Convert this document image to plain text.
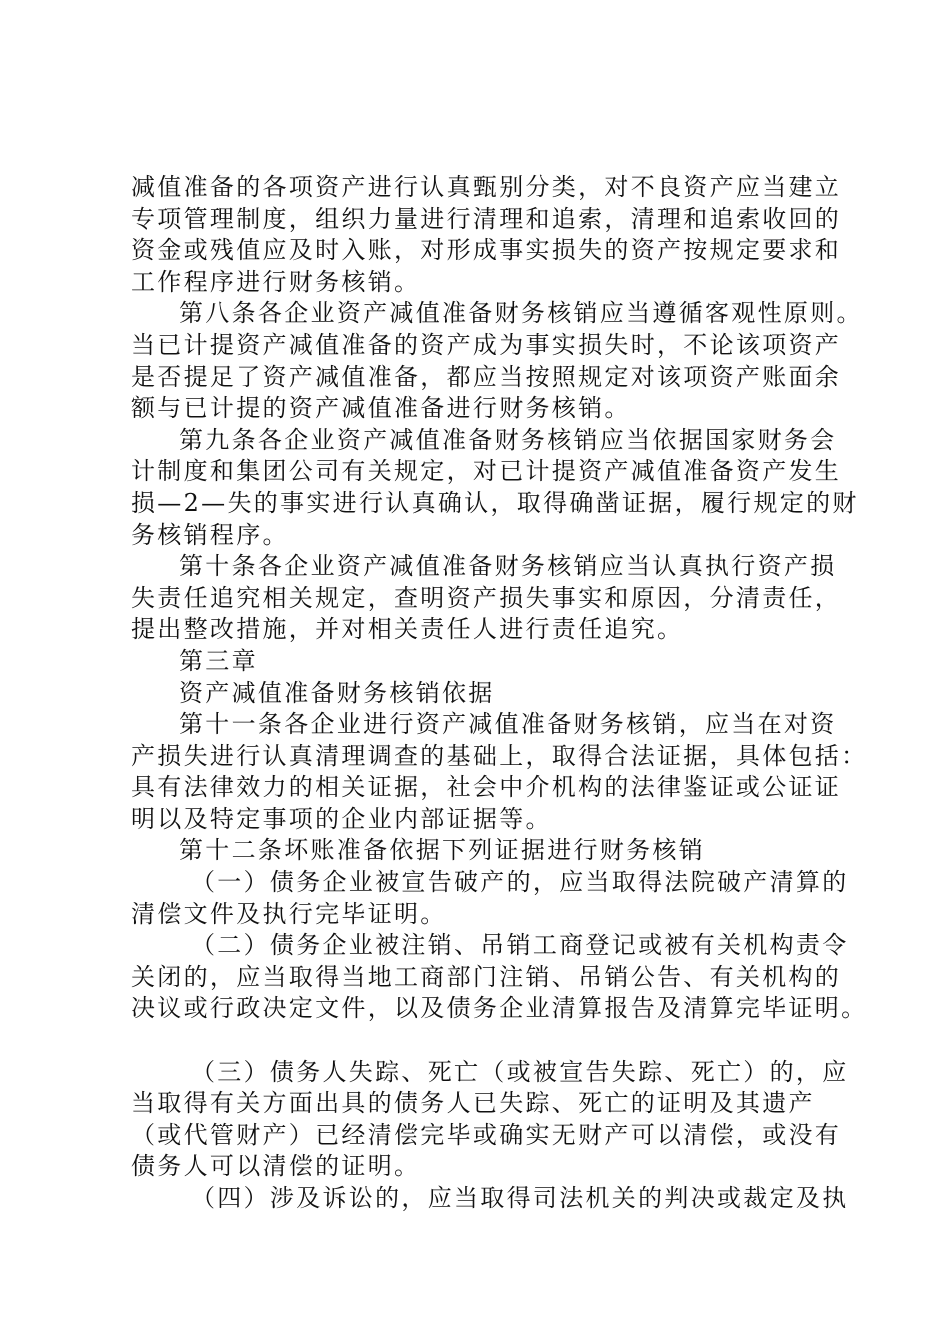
减值准备的各项资产进行认真甄别分类，对不良资产应当建立
专项管理制度，组织力量进行清理和追索，清理和追索收回的
资金或残值应及时入账，对形成事实损失的资产按规定要求和
工作程序进行财务核销。
第八条各企业资产减值准备财务核销应当遵循客观性原则。
当已计提资产减值准备的资产成为事实损失时，不论该项资产
是否提足了资产减值准备，都应当按照规定对该项资产账面余
额与已计提的资产减值准备进行财务核销。
第九条各企业资产减值准备财务核销应当依据国家财务会
计制度和集团公司有关规定，对已计提资产减值准备资产发生
损—2—失的事实进行认真确认，取得确凿证据，履行规定的财
务核销程序。
第十条各企业资产减值准备财务核销应当认真执行资产损
失责任追究相关规定，查明资产损失事实和原因，分清责任，
提出整改措施，并对相关责任人进行责任追究。
第三章
资产减值准备财务核销依据
第十一条各企业进行资产减值准备财务核销，应当在对资
产损失进行认真清理调查的基础上，取得合法证据，具体包括：
具有法律效力的相关证据，社会中介机构的法律鉴证或公证证
明以及特定事项的企业内部证据等。
第十二条坏账准备依据下列证据进行财务核销
（一）债务企业被宣告破产的，应当取得法院破产清算的
清偿文件及执行完毕证明。
（二）债务企业被注销、吊销工商登记或被有关机构责令
关闭的，应当取得当地工商部门注销、吊销公告、有关机构的
决议或行政决定文件，以及债务企业清算报告及清算完毕证明。
（三）债务人失踪、死亡（或被宣告失踪、死亡）的，应
当取得有关方面出具的债务人已失踪、死亡的证明及其遗产
（或代管财产）已经清偿完毕或确实无财产可以清偿，或没有
债务人可以清偿的证明。
（四）涉及诉讼的，应当取得司法机关的判决或裁定及执
